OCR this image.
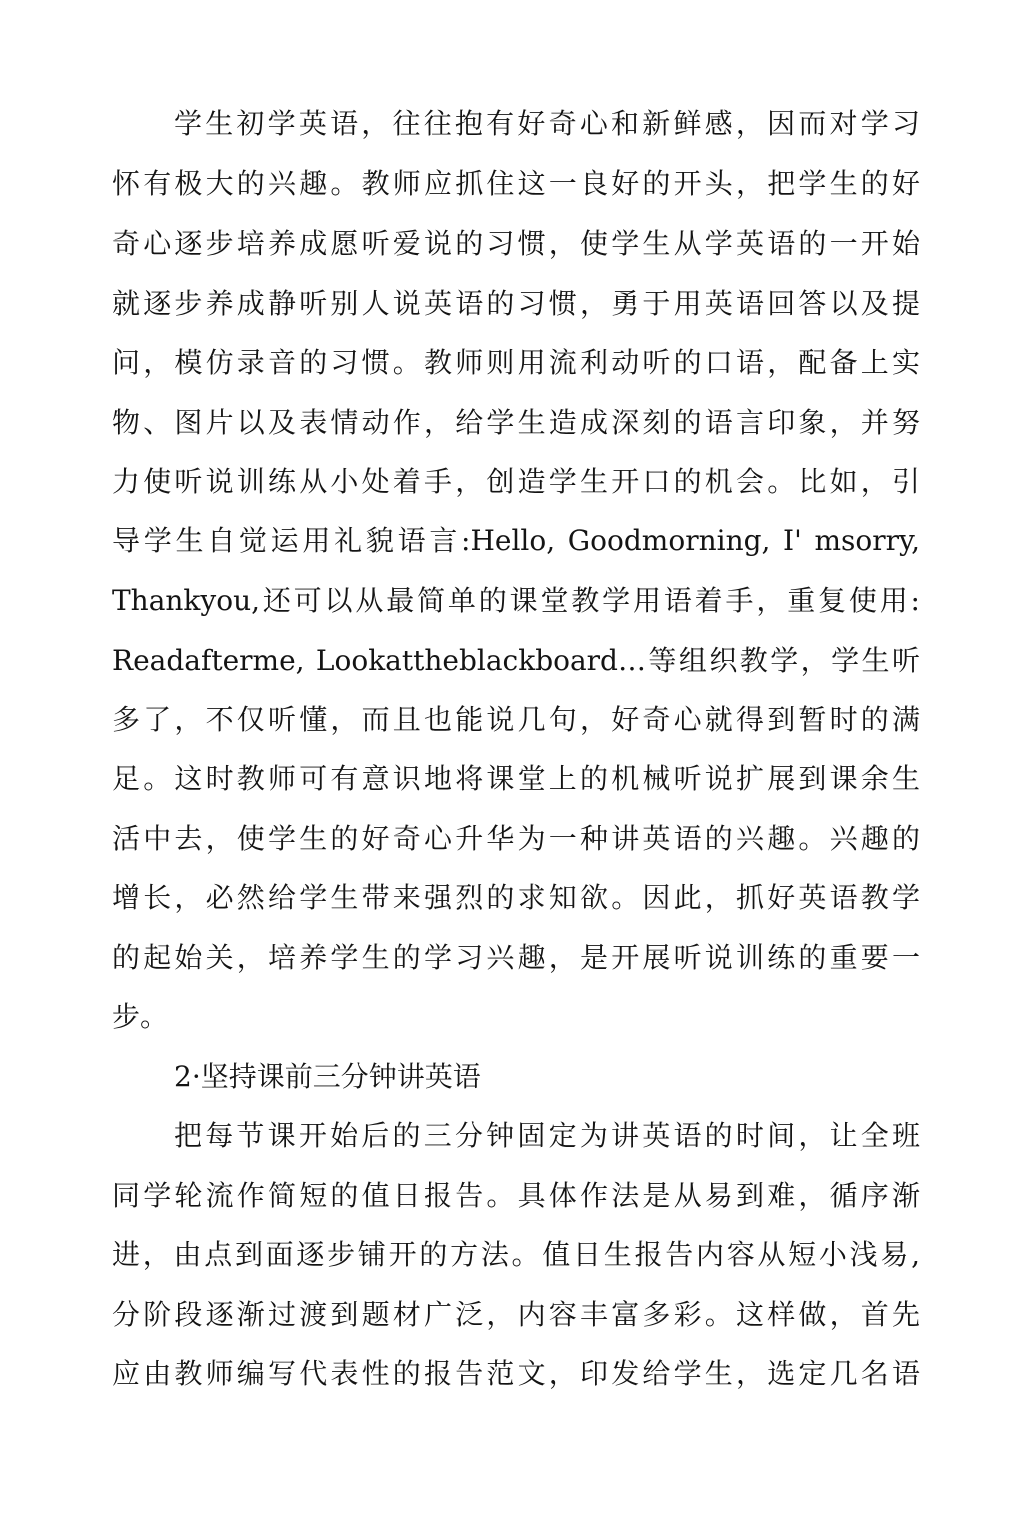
学生初学英语，往往抱有好奇心和新鲜感，因而对学习
怀有极大的兴趣。教师应抓住这一良好的开头，把学生的好
奇心逐步培养成愿听爱说的习惯，使学生从学英语的一开始
就逐步养成静听别人说英语的习惯，勇于用英语回答以及提
问，模仿录音的习惯。教师则用流利动听的口语，配备上实
物、图片以及表情动作，给学生造成深刻的语言印象，并努
力使听说训练从小处着手，创造学生开口的机会。比如，引
导学生自觉运用礼貌语言:Hello, Goodmorning, I' msorry,
Thankyou,还可以从最简单的课堂教学用语着手，重复使用:
Readafterme, Lookattheblackboard…等组织教学，学生听
多了，不仅听懂，而且也能说几句，好奇心就得到暂时的满
足。这时教师可有意识地将课堂上的机械听说扩展到课余生
活中去，使学生的好奇心升华为一种讲英语的兴趣。兴趣的
增长，必然给学生带来强烈的求知欲。因此，抓好英语教学
的起始关，培养学生的学习兴趣，是开展听说训练的重要一
步。
2·坚持课前三分钟讲英语
把每节课开始后的三分钟固定为讲英语的时间，让全班
同学轮流作简短的值日报告。具体作法是从易到难，循序渐
进，由点到面逐步铺开的方法。值日生报告内容从短小浅易,
分阶段逐渐过渡到题材广泛，内容丰富多彩。这样做，首先
应由教师编写代表性的报告范文，印发给学生，选定几名语
